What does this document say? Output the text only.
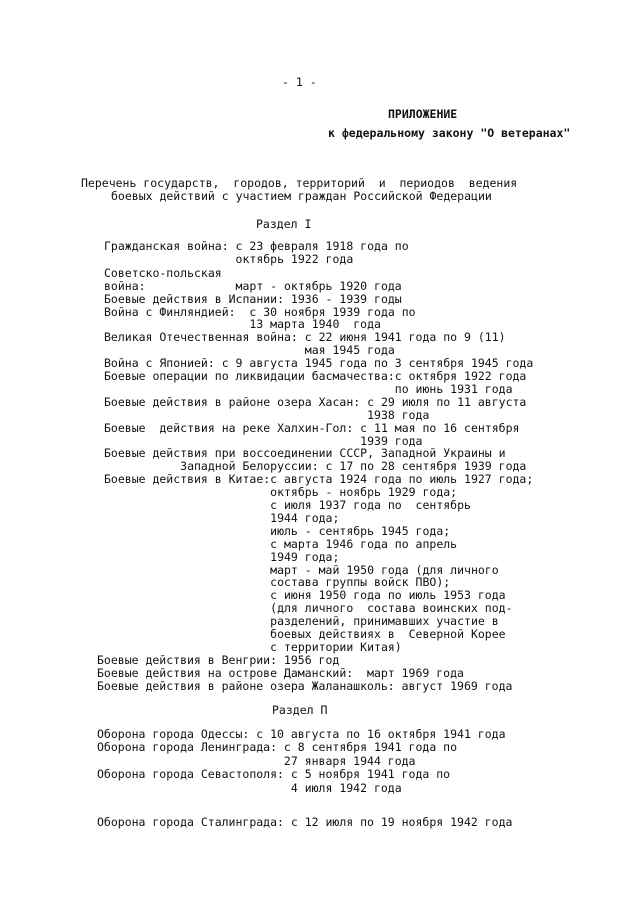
- 1 -
ПРИЛОЖЕНИЕ
к федеральному закону "О ветеранах"
Перечень государств,  городов, территорий  и  периодов  ведения
боевых действий с участием граждан Российской Федерации
Раздел I
Гражданская война: с 23 февраля 1918 года по
октябрь 1922 года
Советско-польская
война:             март - октябрь 1920 года
Боевые действия в Испании: 1936 - 1939 годы
Война с Финляндией:  с 30 ноября 1939 года по
13 марта 1940  года
Великая Отечественная война: с 22 июня 1941 года по 9 (11)
мая 1945 года
Война с Японией: с 9 августа 1945 года по 3 сентября 1945 года
Боевые операции по ликвидации басмачества:с октября 1922 года
по июнь 1931 года
Боевые действия в районе озера Хасан: с 29 июля по 11 августа
1938 года
Боевые  действия на реке Халхин-Гол: с 11 мая по 16 сентября
1939 года
Боевые действия при воссоединении СССР, Западной Украины и
Западной Белоруссии: с 17 по 28 сентября 1939 года
Боевые действия в Китае:с августа 1924 года по июль 1927 года;
октябрь - ноябрь 1929 года;
с июля 1937 года по  сентябрь
1944 года;
июль - сентябрь 1945 года;
с марта 1946 года по апрель
1949 года;
март - май 1950 года (для личного
состава группы войск ПВО);
с июня 1950 года по июль 1953 года
(для личного  состава воинских под-
разделений, принимавших участие в
боевых действиях в  Северной Корее
с территории Китая)
Боевые действия в Венгрии: 1956 год
Боевые действия на острове Даманский:  март 1969 года
Боевые действия в районе озера Жаланашколь: август 1969 года
Раздел П
Оборона города Одессы: с 10 августа по 16 октября 1941 года
Оборона города Ленинграда: с 8 сентября 1941 года по
27 января 1944 года
Оборона города Севастополя: с 5 ноября 1941 года по
4 июля 1942 года
Оборона города Сталинграда: с 12 июля по 19 ноября 1942 года
